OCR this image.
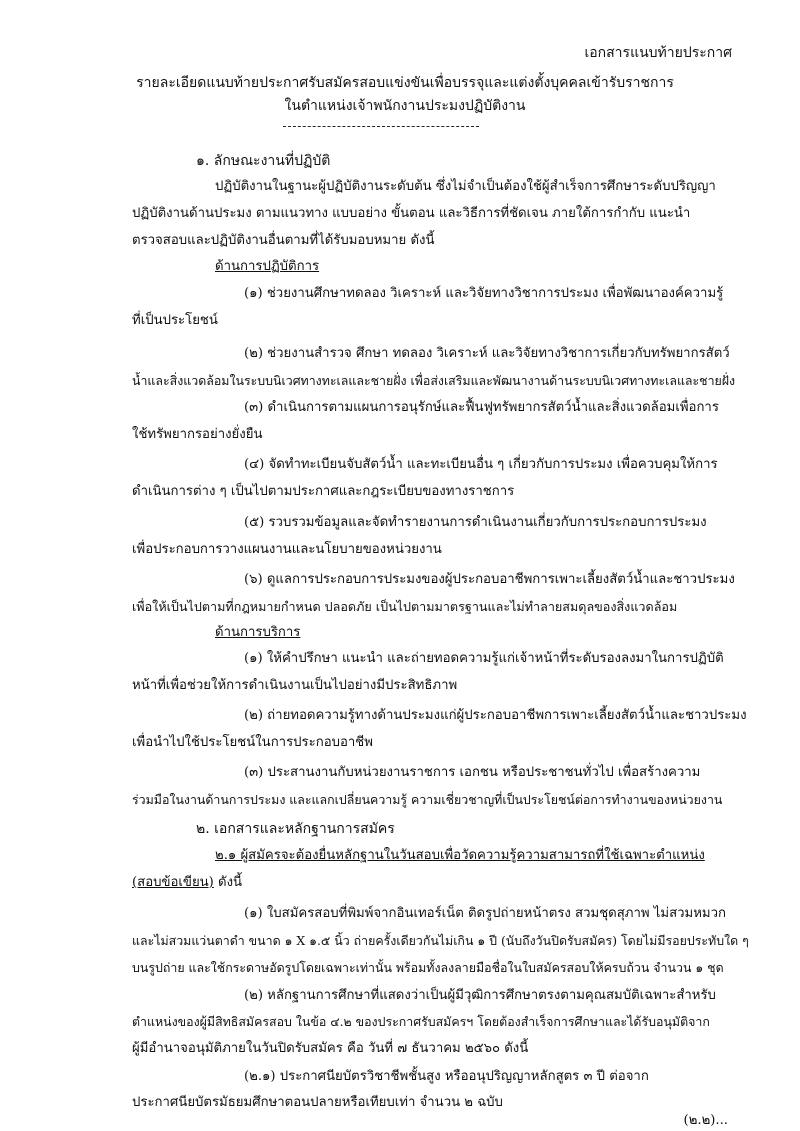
เอกสารแนบท้ายประกาศ
รายละเอียดแนบท้ายประกาศรับสมัครสอบแข่งขันเพื่อบรรจุและแต่งตั้งบุคคลเข้ารับราชการ
ในตำแหน่งเจ้าพนักงานประมงปฏิบัติงาน
๑. ลักษณะงานที่ปฏิบัติ
ปฏิบัติงานในฐานะผู้ปฏิบัติงานระดับต้น ซึ่งไม่จำเป็นต้องใช้ผู้สำเร็จการศึกษาระดับปริญญา
ปฏิบัติงานด้านประมง ตามแนวทาง แบบอย่าง ขั้นตอน และวิธีการที่ชัดเจน ภายใต้การกำกับ แนะนำ
ตรวจสอบและปฏิบัติงานอื่นตามที่ได้รับมอบหมาย ดังนี้
ด้านการปฏิบัติการ
(๑) ช่วยงานศึกษาทดลอง วิเคราะห์ และวิจัยทางวิชาการประมง เพื่อพัฒนาองค์ความรู้
ที่เป็นประโยชน์
(๒) ช่วยงานสำรวจ ศึกษา ทดลอง วิเคราะห์ และวิจัยทางวิชาการเกี่ยวกับทรัพยากรสัตว์
น้ำและสิ่งแวดล้อมในระบบนิเวศทางทะเลและชายฝั่ง เพื่อส่งเสริมและพัฒนางานด้านระบบนิเวศทางทะเลและชายฝั่ง
(๓) ดำเนินการตามแผนการอนุรักษ์และฟื้นฟูทรัพยากรสัตว์น้ำและสิ่งแวดล้อมเพื่อการ
ใช้ทรัพยากรอย่างยั่งยืน
(๔) จัดทำทะเบียนจับสัตว์น้ำ และทะเบียนอื่น ๆ เกี่ยวกับการประมง เพื่อควบคุมให้การ
ดำเนินการต่าง ๆ เป็นไปตามประกาศและกฎระเบียบของทางราชการ
(๕) รวบรวมข้อมูลและจัดทำรายงานการดำเนินงานเกี่ยวกับการประกอบการประมง
เพื่อประกอบการวางแผนงานและนโยบายของหน่วยงาน
(๖) ดูแลการประกอบการประมงของผู้ประกอบอาชีพการเพาะเลี้ยงสัตว์น้ำและชาวประมง
เพื่อให้เป็นไปตามที่กฎหมายกำหนด ปลอดภัย เป็นไปตามมาตรฐานและไม่ทำลายสมดุลของสิ่งแวดล้อม
ด้านการบริการ
(๑) ให้คำปรึกษา แนะนำ และถ่ายทอดความรู้แก่เจ้าหน้าที่ระดับรองลงมาในการปฏิบัติ
หน้าที่เพื่อช่วยให้การดำเนินงานเป็นไปอย่างมีประสิทธิภาพ
(๒) ถ่ายทอดความรู้ทางด้านประมงแก่ผู้ประกอบอาชีพการเพาะเลี้ยงสัตว์น้ำและชาวประมง
เพื่อนำไปใช้ประโยชน์ในการประกอบอาชีพ
(๓) ประสานงานกับหน่วยงานราชการ เอกชน หรือประชาชนทั่วไป เพื่อสร้างความ
ร่วมมือในงานด้านการประมง และแลกเปลี่ยนความรู้ ความเชี่ยวชาญที่เป็นประโยชน์ต่อการทำงานของหน่วยงาน
๒. เอกสารและหลักฐานการสมัคร
๒.๑ ผู้สมัครจะต้องยื่นหลักฐานในวันสอบเพื่อวัดความรู้ความสามารถที่ใช้เฉพาะตำแหน่ง
(สอบข้อเขียน) ดังนี้
(๑) ใบสมัครสอบที่พิมพ์จากอินเทอร์เน็ต ติดรูปถ่ายหน้าตรง สวมชุดสุภาพ ไม่สวมหมวก
และไม่สวมแว่นตาดำ ขนาด ๑ X ๑.๕ นิ้ว ถ่ายครั้งเดียวกันไม่เกิน ๑ ปี (นับถึงวันปิดรับสมัคร) โดยไม่มีรอยประทับใด ๆ
บนรูปถ่าย และใช้กระดาษอัดรูปโดยเฉพาะเท่านั้น พร้อมทั้งลงลายมือชื่อในใบสมัครสอบให้ครบถ้วน จำนวน ๑ ชุด
(๒) หลักฐานการศึกษาที่แสดงว่าเป็นผู้มีวุฒิการศึกษาตรงตามคุณสมบัติเฉพาะสำหรับ
ตำแหน่งของผู้มีสิทธิสมัครสอบ ในข้อ ๔.๒ ของประกาศรับสมัครฯ โดยต้องสำเร็จการศึกษาและได้รับอนุมัติจาก
ผู้มีอำนาจอนุมัติภายในวันปิดรับสมัคร คือ วันที่ ๗ ธันวาคม ๒๕๖๐ ดังนี้
(๒.๑) ประกาศนียบัตรวิชาชีพชั้นสูง หรืออนุปริญญาหลักสูตร ๓ ปี ต่อจาก
ประกาศนียบัตรมัธยมศึกษาตอนปลายหรือเทียบเท่า จำนวน ๒ ฉบับ
(๒.๒)...
